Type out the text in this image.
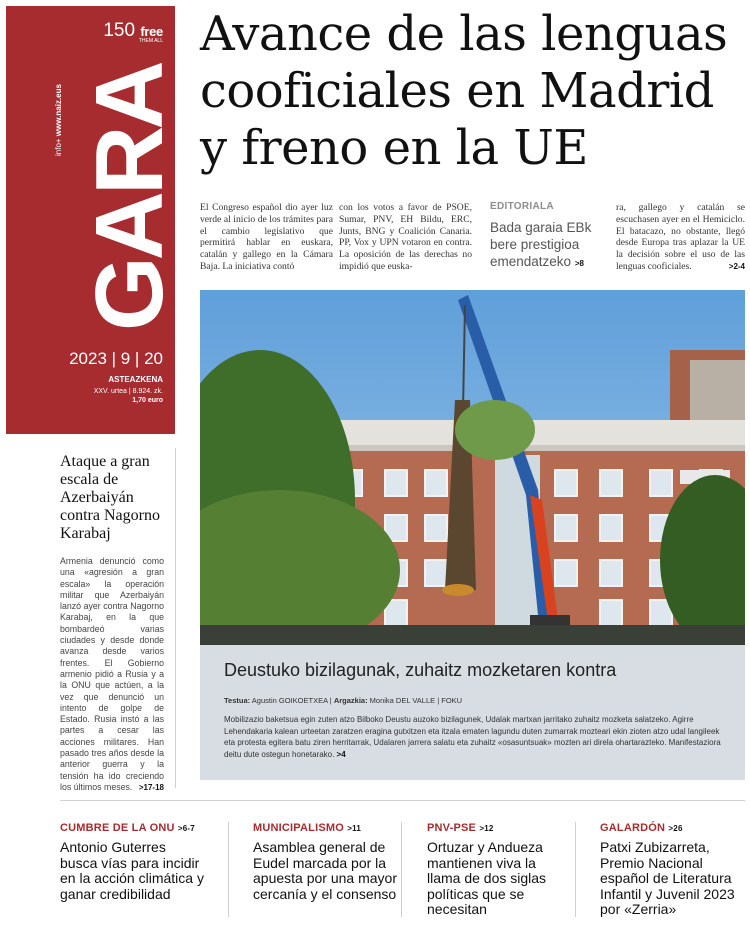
150 free
THEM ALL
info+ www.naiz.eus GARA
2023 | 9 | 20
ASTEAZKENA
XXV. urtea | 8.924. zk.
1,70 euro
Avance de las lenguas cooficiales en Madrid y freno en la UE
El Congreso español dio ayer luz verde al inicio de los trámites para el cambio legislativo que permitirá hablar en euskara, catalán y gallego en la Cámara Baja. La iniciativa contó
con los votos a favor de PSOE, Sumar, PNV, EH Bildu, ERC, Junts, BNG y Coalición Canaria. PP, Vox y UPN votaron en contra. La oposición de las derechas no impidió que euska-
ra, gallego y catalán se escuchasen ayer en el Hemiciclo. El batacazo, no obstante, llegó desde Europa tras aplazar la UE la decisión sobre el uso de las lenguas cooficiales.	>2-4
EDITORIALA
Bada garaia EBk bere prestigioa emendatzeko >8
Deustuko bizilagunak, zuhaitz mozketaren kontra
Testua: Agustin GOIKOETXEA | Argazkia: Monika DEL VALLE | FOKU
Mobilizazio baketsua egin zuten atzo Bilboko Deustu auzoko bizilagunek, Udalak martxan jarritako zuhaitz mozketa salatzeko. Agirre Lehendakaria kalean urteetan zaratzen eragina gutxitzen eta itzala ematen lagundu duten zumarrak mozteari ekin zioten atzo udal langileek eta protesta egitera batu ziren herritarrak, Udalaren jarrera salatu eta zuhaitz «osasuntsuak» mozten ari direla ohartarazteko. Manifestaziora deitu dute ostegun honetarako. >4
Ataque a gran escala de Azerbaiyán contra Nagorno Karabaj
Armenia denunció como una «agresión a gran escala» la operación militar que Azerbaiyán lanzó ayer contra Nagorno Karabaj, en la que bombardeó varias ciudades y desde donde avanza desde varios frentes. El Gobierno armenio pidió a Rusia y a la ONU que actúen, a la vez que denunció un intento de golpe de Estado. Rusia instó a las partes a cesar las acciones militares. Han pasado tres años desde la anterior guerra y la tensión ha ido creciendo los últimos meses. >17-18
CUMBRE DE LA ONU >6-7
Antonio Guterres busca vías para incidir en la acción climática y ganar credibilidad
MUNICIPALISMO >11
Asamblea general de Eudel marcada por la apuesta por una mayor cercanía y el consenso
PNV-PSE >12
Ortuzar y Andueza mantienen viva la llama de dos siglas políticas que se necesitan
GALARDÓN >26
Patxi Zubizarreta, Premio Nacional español de Literatura Infantil y Juvenil 2023 por «Zerria»
